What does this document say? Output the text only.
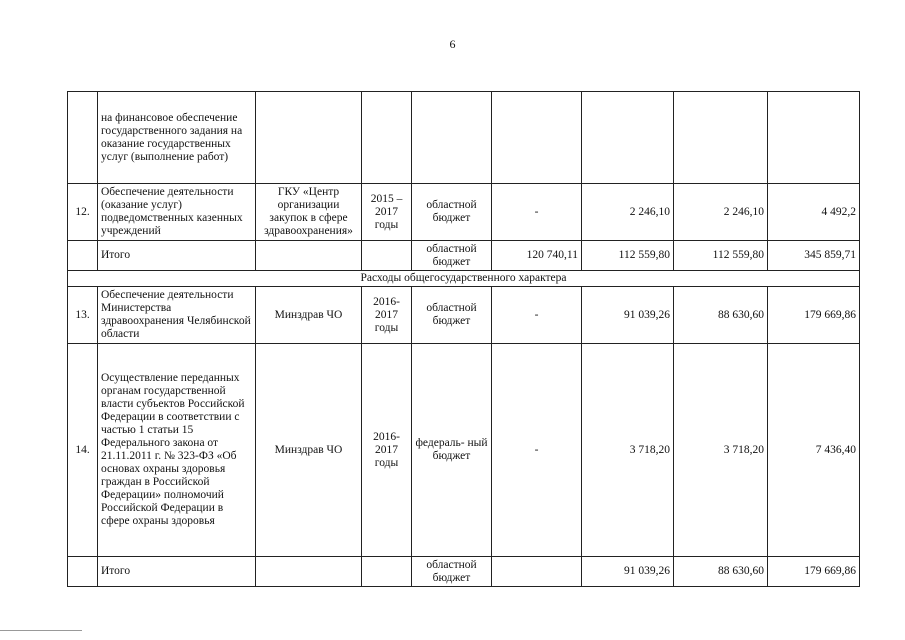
6
	на финансовое обеспечение государственного задания на оказание государственных услуг (выполнение работ)							
12.	Обеспечение деятельности (оказание услуг) подведомственных казенных учреждений	ГКУ «Центр организации закупок в сфере здравоохранения»	2015 – 2017 годы	областной бюджет	-	2 246,10	2 246,10	4 492,2
	Итого			областной бюджет	120 740,11	112 559,80	112 559,80	345 859,71
Расходы общегосударственного характера								
13.	Обеспечение деятельности Министерства здравоохранения Челябинской области	Минздрав ЧО	2016- 2017 годы	областной бюджет	-	91 039,26	88 630,60	179 669,86
14.	Осуществление переданных органам государственной власти субъектов Российской Федерации в соответствии с частью 1 статьи 15 Федерального закона от 21.11.2011 г. № 323-ФЗ «Об основах охраны здоровья граждан в Российской Федерации» полномочий Российской Федерации в сфере охраны здоровья	Минздрав ЧО	2016- 2017 годы	федераль- ный бюджет	-	3 718,20	3 718,20	7 436,40
	Итого			областной бюджет		91 039,26	88 630,60	179 669,86
